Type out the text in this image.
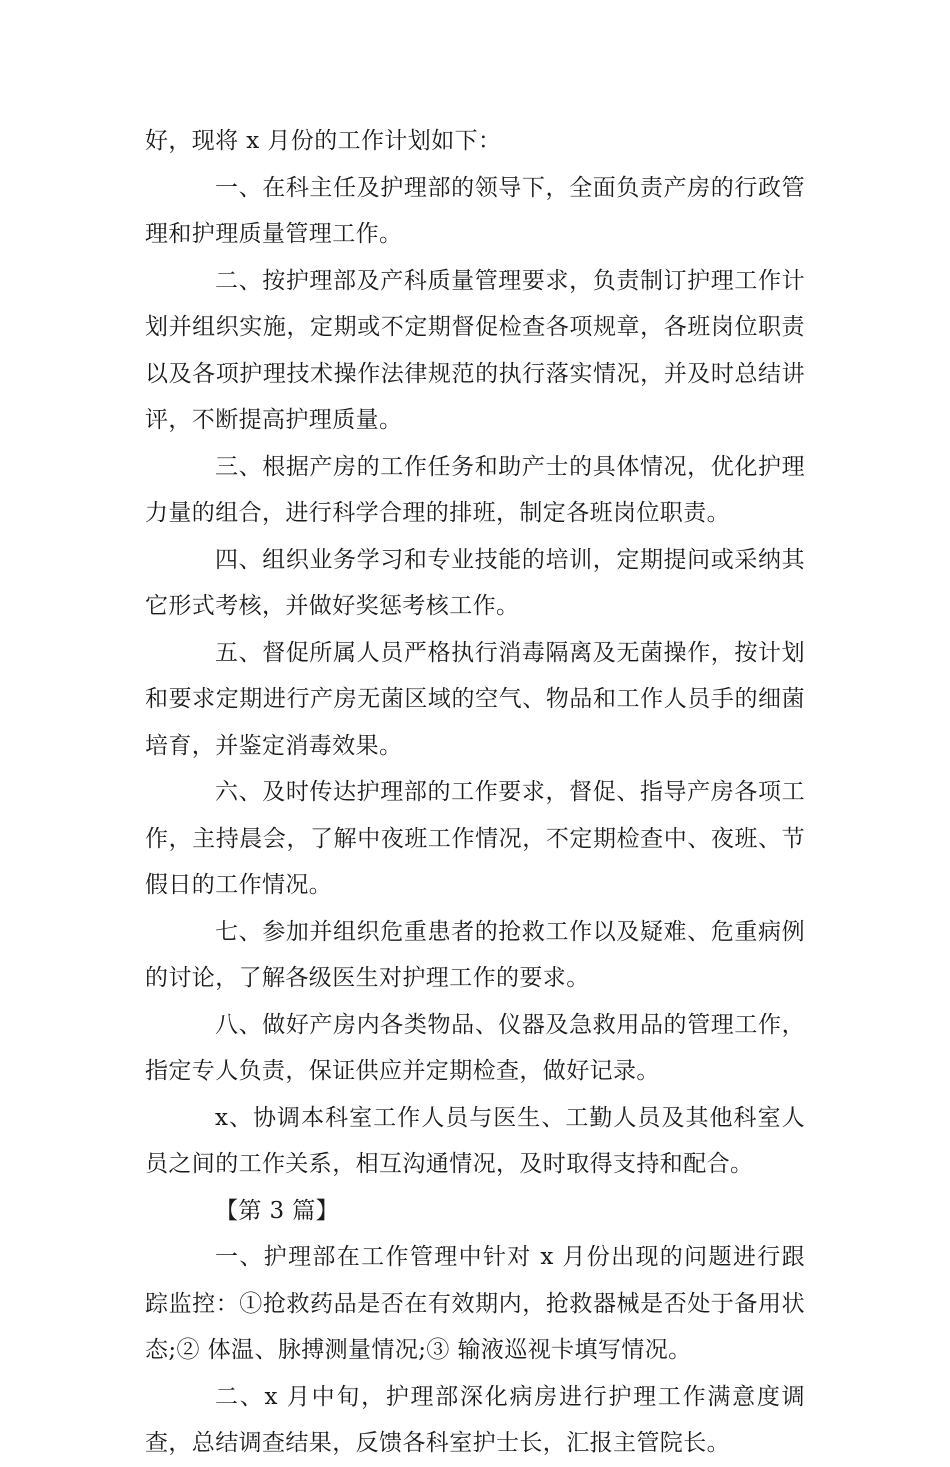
好，现将 x 月份的工作计划如下：

一、在科主任及护理部的领导下，全面负责产房的行政管理和护理质量管理工作。

二、按护理部及产科质量管理要求，负责制订护理工作计划并组织实施，定期或不定期督促检查各项规章，各班岗位职责以及各项护理技术操作法律规范的执行落实情况，并及时总结讲评，不断提高护理质量。

三、根据产房的工作任务和助产士的具体情况，优化护理力量的组合，进行科学合理的排班，制定各班岗位职责。

四、组织业务学习和专业技能的培训，定期提问或采纳其它形式考核，并做好奖惩考核工作。

五、督促所属人员严格执行消毒隔离及无菌操作，按计划和要求定期进行产房无菌区域的空气、物品和工作人员手的细菌培育，并鉴定消毒效果。

六、及时传达护理部的工作要求，督促、指导产房各项工作，主持晨会，了解中夜班工作情况，不定期检查中、夜班、节假日的工作情况。

七、参加并组织危重患者的抢救工作以及疑难、危重病例的讨论，了解各级医生对护理工作的要求。

八、做好产房内各类物品、仪器及急救用品的管理工作，指定专人负责，保证供应并定期检查，做好记录。

x、协调本科室工作人员与医生、工勤人员及其他科室人员之间的工作关系，相互沟通情况，及时取得支持和配合。

【第 3 篇】

一、护理部在工作管理中针对 x 月份出现的问题进行跟踪监控：①抢救药品是否在有效期内，抢救器械是否处于备用状态;② 体温、脉搏测量情况;③ 输液巡视卡填写情况。

二、x 月中旬，护理部深化病房进行护理工作满意度调查，总结调查结果，反馈各科室护士长，汇报主管院长。
